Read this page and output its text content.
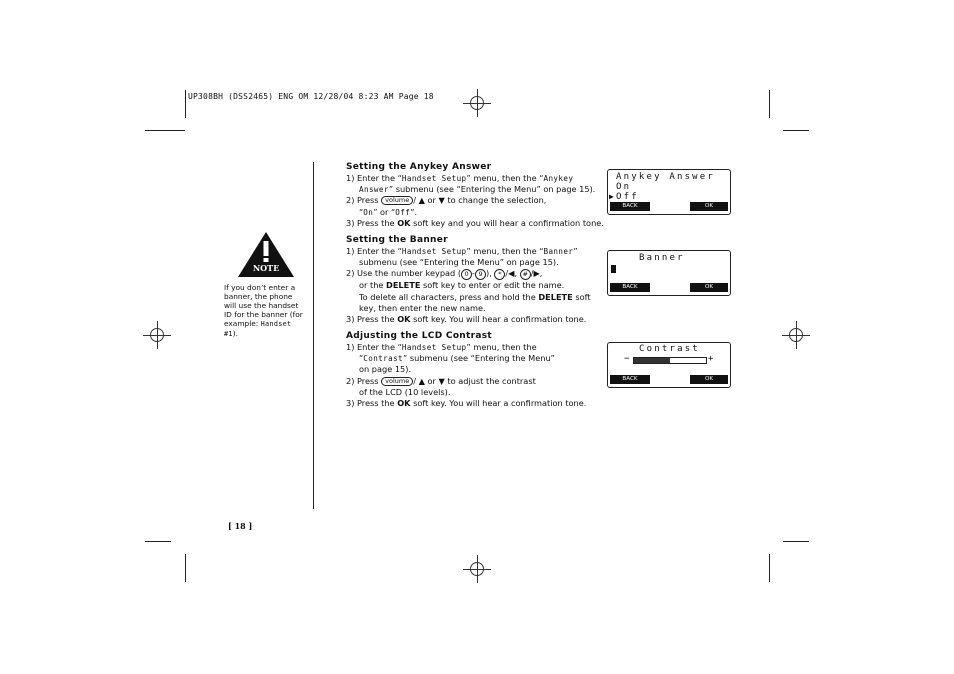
UP308BH (DSS2465) ENG OM 12/28/04 8:23 AM Page 18
NOTE
If you don’t enter a banner, the phone will use the handset ID for the banner (for example: Handset #1).
Setting the Anykey Answer

1) Enter the “Handset Setup” menu, then the “Anykey

Answer” submenu (see “Entering the Menu” on page 15).

2) Press volume / ▲ or ▼ to change the selection,

“On” or “Off”.

3) Press the OK soft key and you will hear a confirmation tone.

Anykey Answer
On
▶ Off
BACK	OK
Setting the Banner

1) Enter the “Handset Setup” menu, then the “Banner”

submenu (see “Entering the Menu” on page 15).

2) Use the number keypad ( 0 - 9 ), * /◀, # /▶,

or the DELETE soft key to enter or edit the name.

To delete all characters, press and hold the DELETE soft

key, then enter the new name.

3) Press the OK soft key. You will hear a confirmation tone.

Banner
BACK	OK
Adjusting the LCD Contrast

1) Enter the “Handset Setup” menu, then the

“Contrast” submenu (see “Entering the Menu”

on page 15).

2) Press volume / ▲ or ▼ to adjust the contrast

of the LCD (10 levels).

3) Press the OK soft key. You will hear a confirmation tone.

Contrast
−	+
BACK	OK
[ 18 ]
